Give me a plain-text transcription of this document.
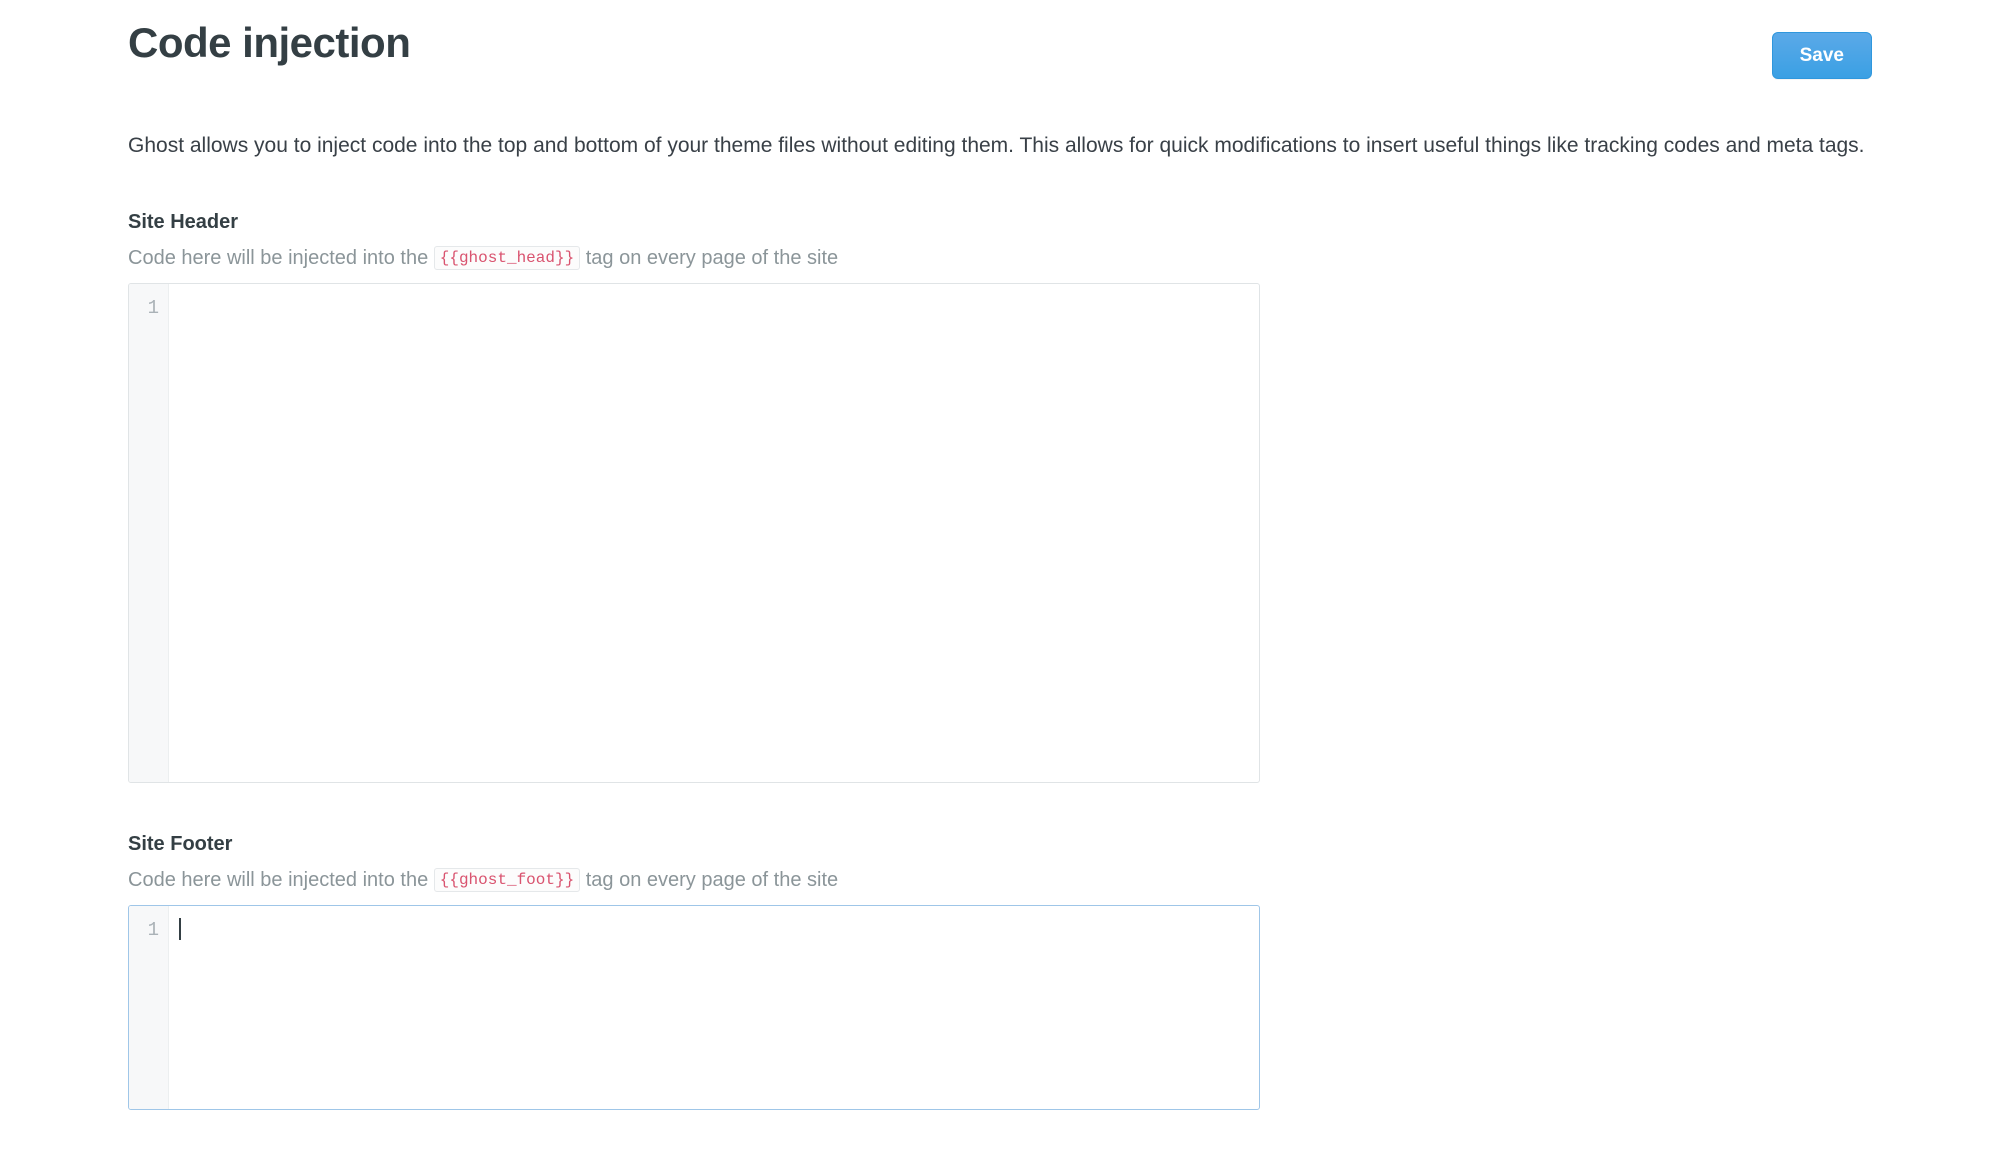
Code injection	Save

Ghost allows you to inject code into the top and bottom of your theme files without editing them. This allows for quick modifications to insert useful things like tracking codes and meta tags.

Site Header
Code here will be injected into the {{ghost_head}} tag on every page of the site
1
Site Footer
Code here will be injected into the {{ghost_foot}} tag on every page of the site
1
